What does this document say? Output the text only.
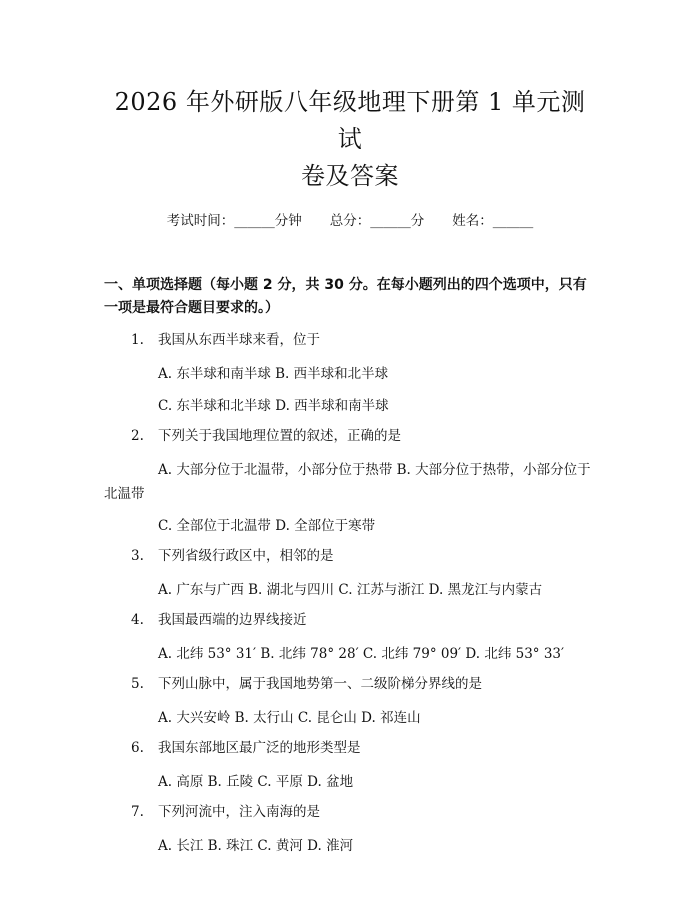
2026 年外研版八年级地理下册第 1 单元测试
卷及答案
考试时间：______分钟 总分：______分 姓名：______
一、单项选择题（每小题 2 分，共 30 分。在每小题列出的四个选项中，只有一项是最符合题目要求的。）
1. 我国从东西半球来看，位于
A. 东半球和南半球 B. 西半球和北半球
C. 东半球和北半球 D. 西半球和南半球
2. 下列关于我国地理位置的叙述，正确的是
A. 大部分位于北温带，小部分位于热带 B. 大部分位于热带，小部分位于北温带
C. 全部位于北温带 D. 全部位于寒带
3. 下列省级行政区中，相邻的是
A. 广东与广西 B. 湖北与四川 C. 江苏与浙江 D. 黑龙江与内蒙古
4. 我国最西端的边界线接近
A. 北纬 53° 31′ B. 北纬 78° 28′ C. 北纬 79° 09′ D. 北纬 53° 33′
5. 下列山脉中，属于我国地势第一、二级阶梯分界线的是
A. 大兴安岭 B. 太行山 C. 昆仑山 D. 祁连山
6. 我国东部地区最广泛的地形类型是
A. 高原 B. 丘陵 C. 平原 D. 盆地
7. 下列河流中，注入南海的是
A. 长江 B. 珠江 C. 黄河 D. 淮河
